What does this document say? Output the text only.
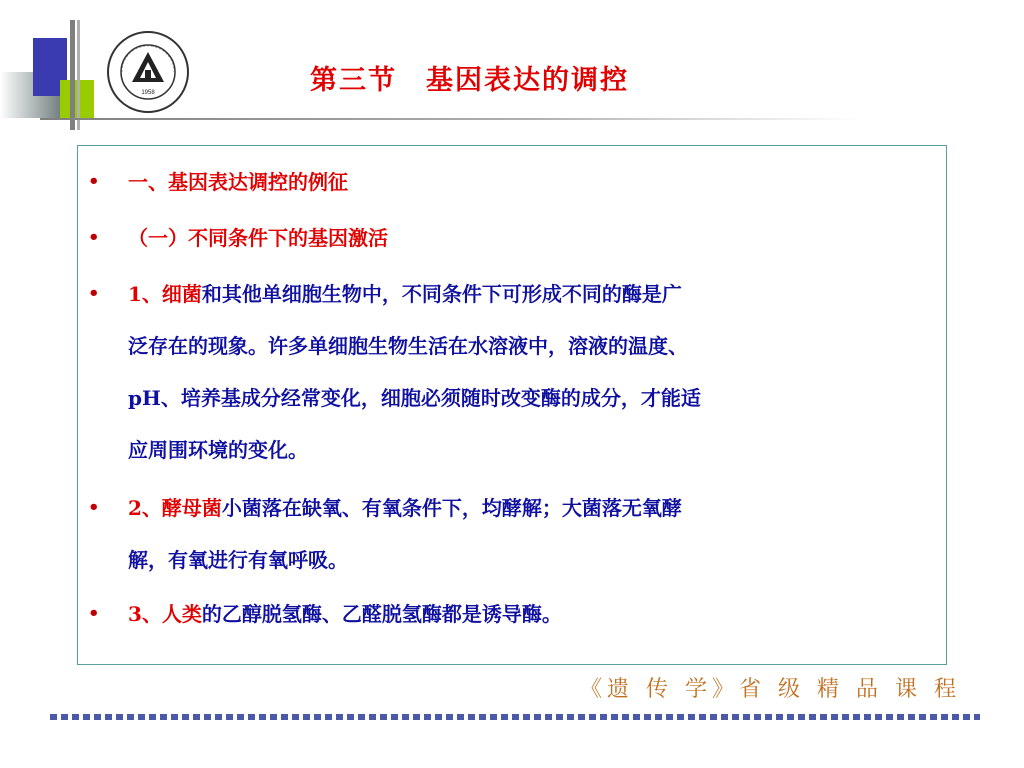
1958	第三节　基因表达的调控
• 一、基因表达调控的例征
• （一）不同条件下的基因激活
• 1、细菌和其他单细胞生物中，不同条件下可形成不同的酶是广
泛存在的现象。许多单细胞生物生活在水溶液中，溶液的温度、
pH、培养基成分经常变化，细胞必须随时改变酶的成分，才能适
应周围环境的变化。
• 2、酵母菌小菌落在缺氧、有氧条件下，均酵解；大菌落无氧酵
解，有氧进行有氧呼吸。
• 3、人类的乙醇脱氢酶、乙醛脱氢酶都是诱导酶。
《遗 传 学》省 级 精 品 课 程
